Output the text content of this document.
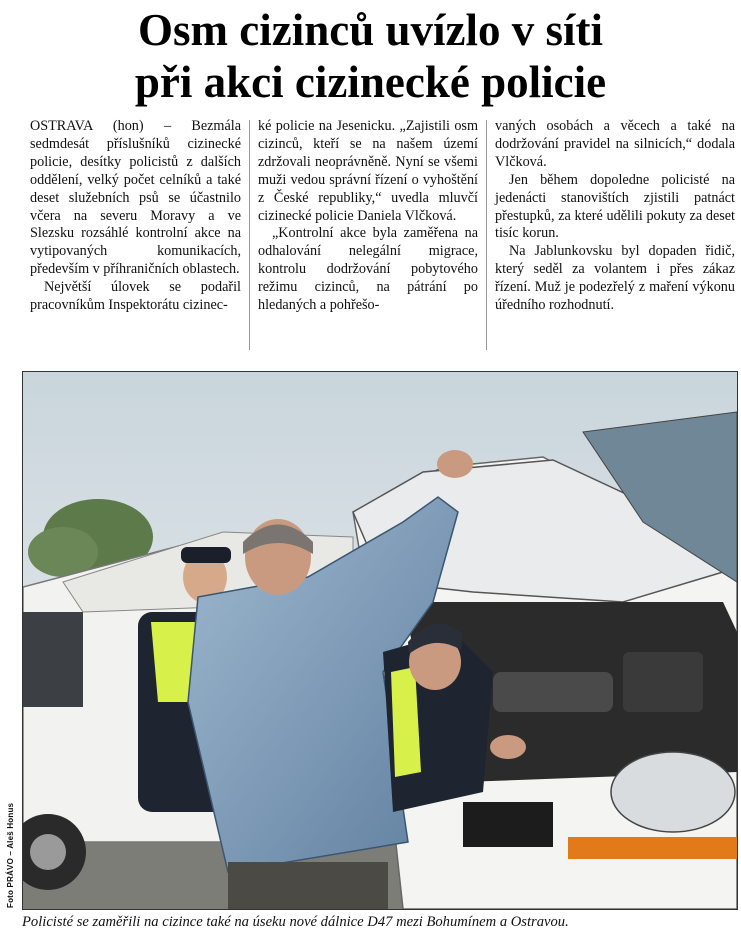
Osm cizinců uvízlo v síti
při akci cizinecké policie

OSTRAVA (hon) – Bezmála sedmdesát příslušníků cizinecké policie, desítky policistů z dalších oddělení, velký počet celníků a také deset služebních psů se účastnilo včera na severu Moravy a ve Slezsku rozsáhlé kontrolní akce na vytipovaných komunikacích, především v příhraničních oblastech.

Největší úlovek se podařil pracovníkům Inspektorátu cizinec-

ké policie na Jesenicku. „Zajistili osm cizinců, kteří se na našem území zdržovali neoprávněně. Nyní se všemi muži vedou správní řízení o vyhoštění z České republiky,“ uvedla mluvčí cizinecké policie Daniela Vlčková.

„Kontrolní akce byla zaměřena na odhalování nelegální migrace, kontrolu dodržování pobytového režimu cizinců, na pátrání po hledaných a pohřešo-

vaných osobách a věcech a také na dodržování pravidel na silnicích,“ dodala Vlčková.

Jen během dopoledne policisté na jedenácti stanovištích zjistili patnáct přestupků, za které udělili pokuty za deset tisíc korun.

Na Jablunkovsku byl dopaden řidič, který seděl za volantem i přes zákaz řízení. Muž je podezřelý z maření výkonu úředního rozhodnutí.

Foto PRÁVO – Aleš Honus
Policisté se zaměřili na cizince také na úseku nové dálnice D47 mezi Bohumínem a Ostravou.
